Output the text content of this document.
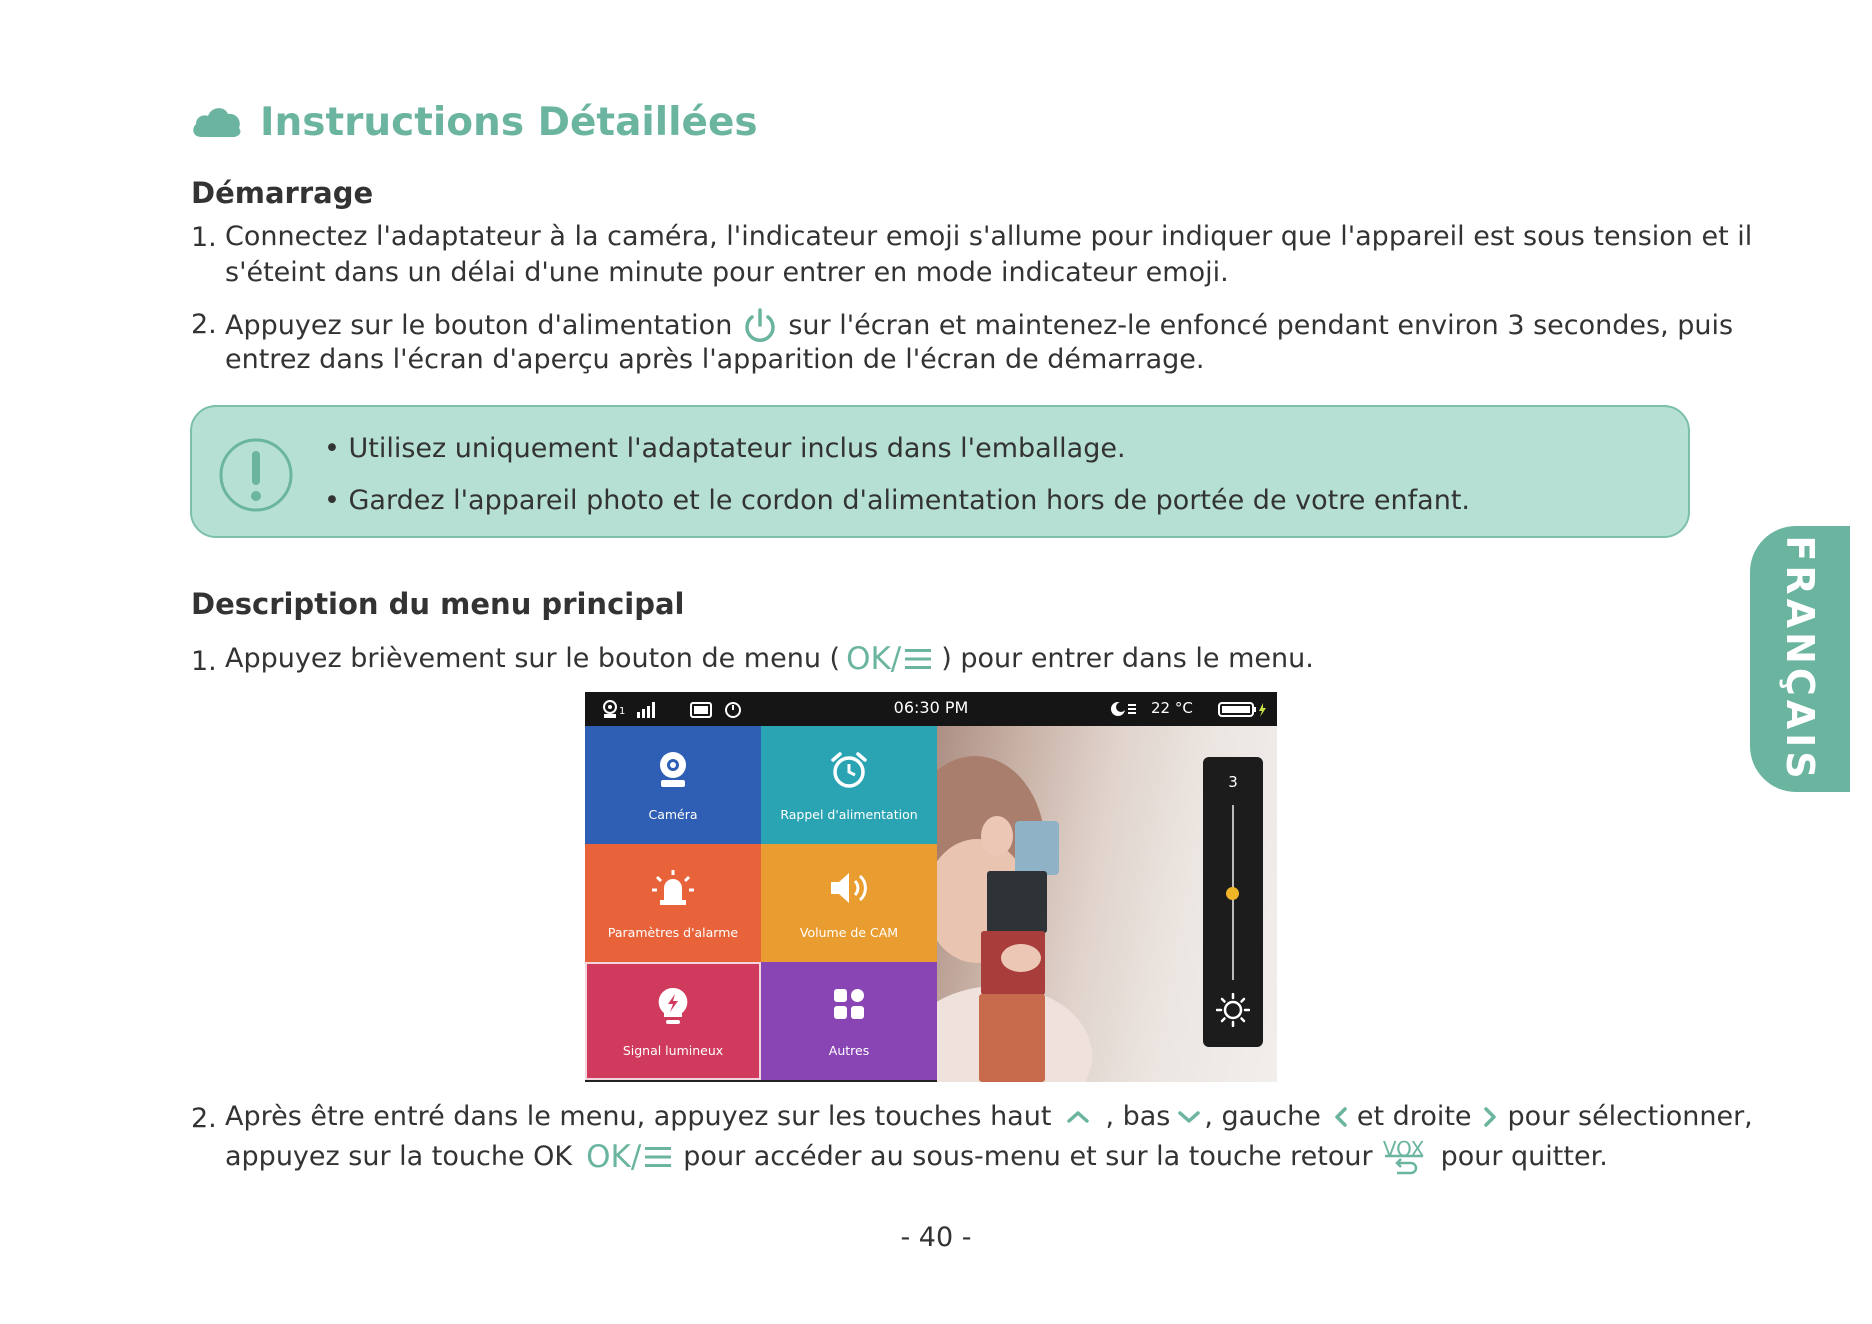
Instructions Détaillées
Démarrage
1. Connectez l'adaptateur à la caméra, l'indicateur emoji s'allume pour indiquer que l'appareil est sous tension et il
s'éteint dans un délai d'une minute pour entrer en mode indicateur emoji.
2. Appuyez sur le bouton d'alimentation sur l'écran et maintenez-le enfoncé pendant environ 3 secondes, puis
entrez dans l'écran d'aperçu après l'apparition de l'écran de démarrage.
• Utilisez uniquement l'adaptateur inclus dans l'emballage.
• Gardez l'appareil photo et le cordon d'alimentation hors de portée de votre enfant.
FRANÇAIS
Description du menu principal
1. Appuyez brièvement sur le bouton de menu ( OK/ ) pour entrer dans le menu.
1	06:30 PM	22 °C
Caméra	Rappel d'alimentation
Paramètres d'alarme	Volume de CAM
Signal lumineux	Autres
3
2. Après être entré dans le menu, appuyez sur les touches haut , bas , gauche et droite pour sélectionner,
appuyez sur la touche OK OK/ pour accéder au sous-menu et sur la touche retour VOX pour quitter.
- 40 -
